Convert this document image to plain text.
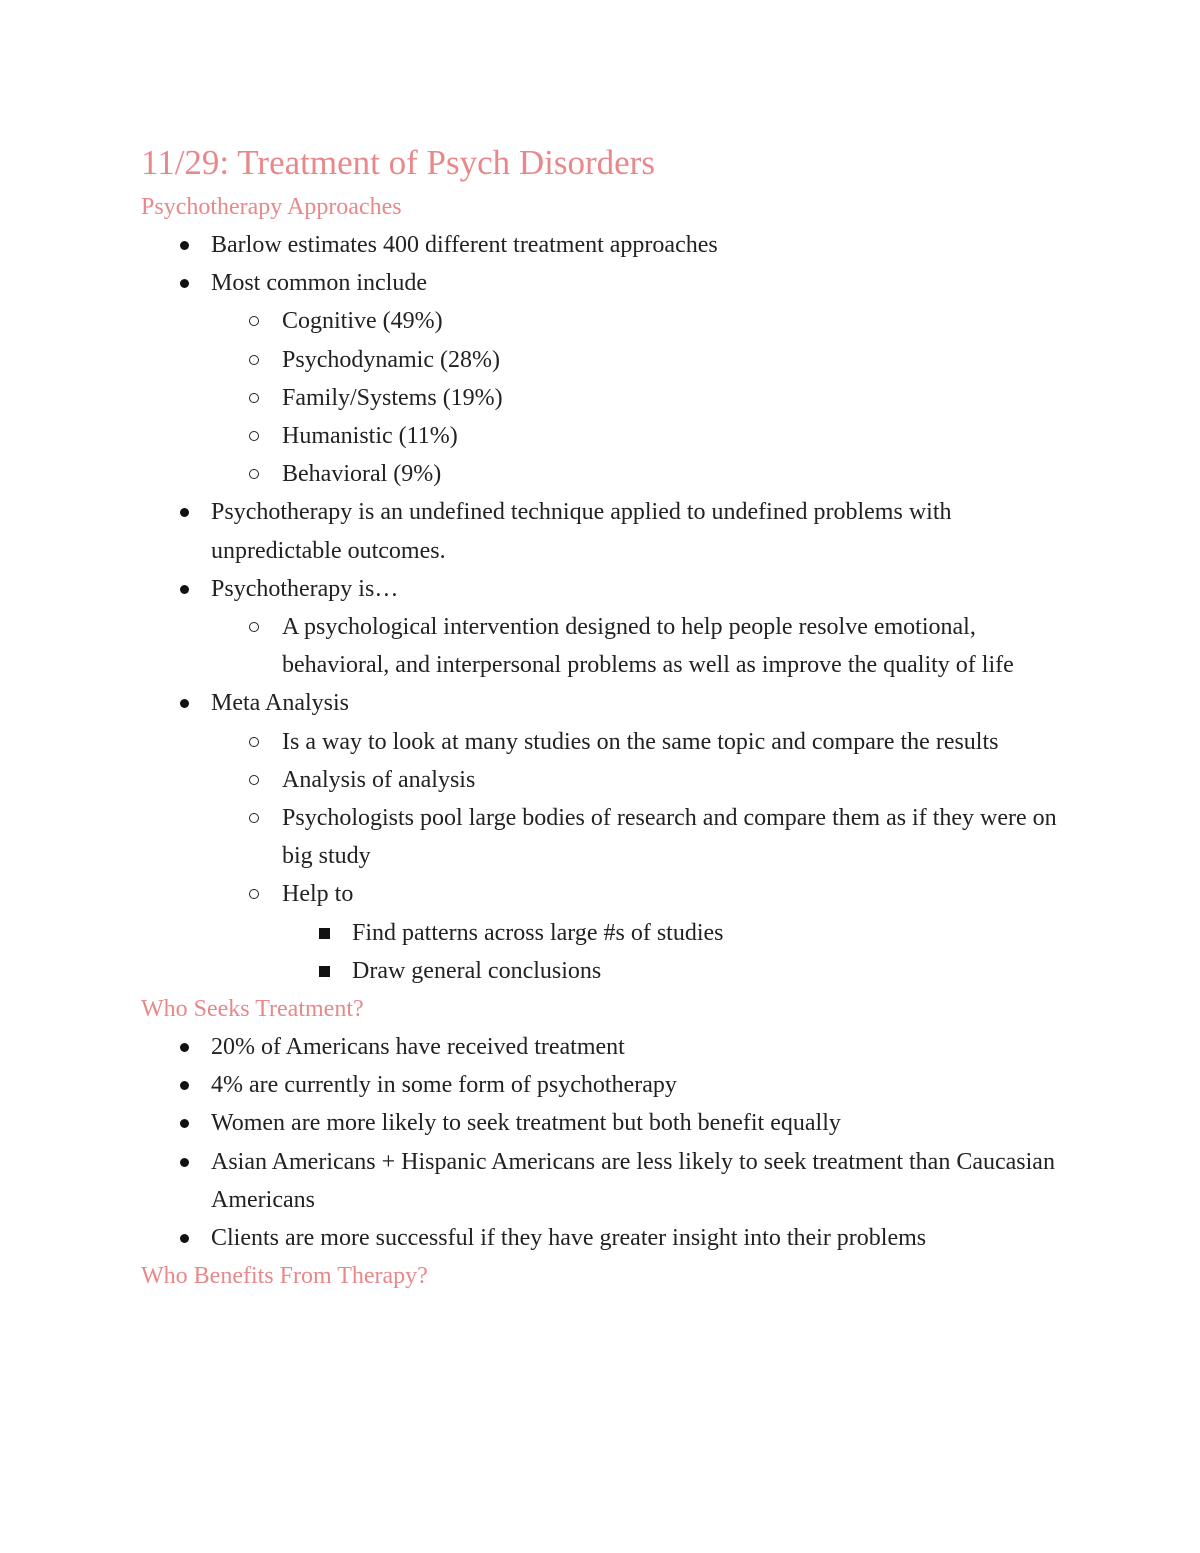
11/29: Treatment of Psych Disorders
Psychotherapy Approaches
Barlow estimates 400 different treatment approaches
Most common include
Cognitive (49%)
Psychodynamic (28%)
Family/Systems (19%)
Humanistic (11%)
Behavioral (9%)
Psychotherapy is an undefined technique applied to undefined problems with unpredictable outcomes.
Psychotherapy is…
A psychological intervention designed to help people resolve emotional, behavioral, and interpersonal problems as well as improve the quality of life
Meta Analysis
Is a way to look at many studies on the same topic and compare the results
Analysis of analysis
Psychologists pool large bodies of research and compare them as if they were on big study
Help to
Find patterns across large #s of studies
Draw general conclusions
Who Seeks Treatment?
20% of Americans have received treatment
4% are currently in some form of psychotherapy
Women are more likely to seek treatment but both benefit equally
Asian Americans + Hispanic Americans are less likely to seek treatment than Caucasian Americans
Clients are more successful if they have greater insight into their problems
Who Benefits From Therapy?
